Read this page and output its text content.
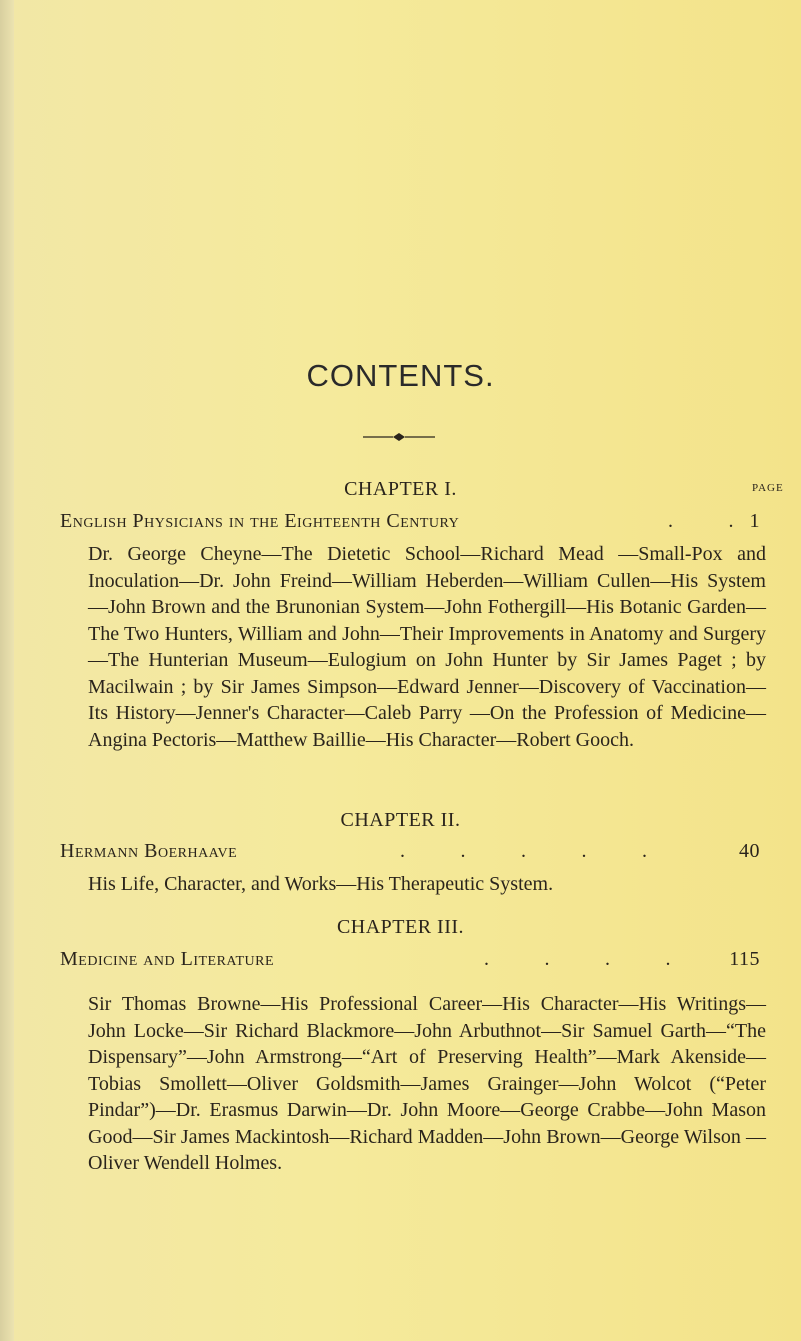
CONTENTS.
PAGE
CHAPTER I.
English Physicians in the Eighteenth Century	.          . 1
Dr. George Cheyne—The Dietetic School—Richard Mead —Small-Pox and Inoculation—Dr. John Freind—William Heberden—William Cullen—His System—John Brown and the Brunonian System—John Fothergill—His Botanic Garden—The Two Hunters, William and John—Their Improvements in Anatomy and Surgery—The Hunterian Museum—Eulogium on John Hunter by Sir James Paget ; by Macilwain ; by Sir James Simpson—Edward Jenner—Discovery of Vaccination—Its History—Jenner's Character—Caleb Parry —On the Profession of Medicine—Angina Pectoris—Matthew Baillie—His Character—Robert Gooch.
CHAPTER II.
Hermann Boerhaave	.          .          .          .          .	40
His Life, Character, and Works—His Therapeutic System.
CHAPTER III.
Medicine and Literature	.          .          .          .	115
Sir Thomas Browne—His Professional Career—His Character—His Writings—John Locke—Sir Richard Blackmore—John Arbuthnot—Sir Samuel Garth—“The Dispensary”—John Armstrong—“Art of Preserving Health”—Mark Akenside—Tobias Smollett—Oliver Goldsmith—James Grainger—John Wolcot (“Peter Pindar”)—Dr. Erasmus Darwin—Dr. John Moore—George Crabbe—John Mason Good—Sir James Mackintosh—Richard Madden—John Brown—George Wilson —Oliver Wendell Holmes.
